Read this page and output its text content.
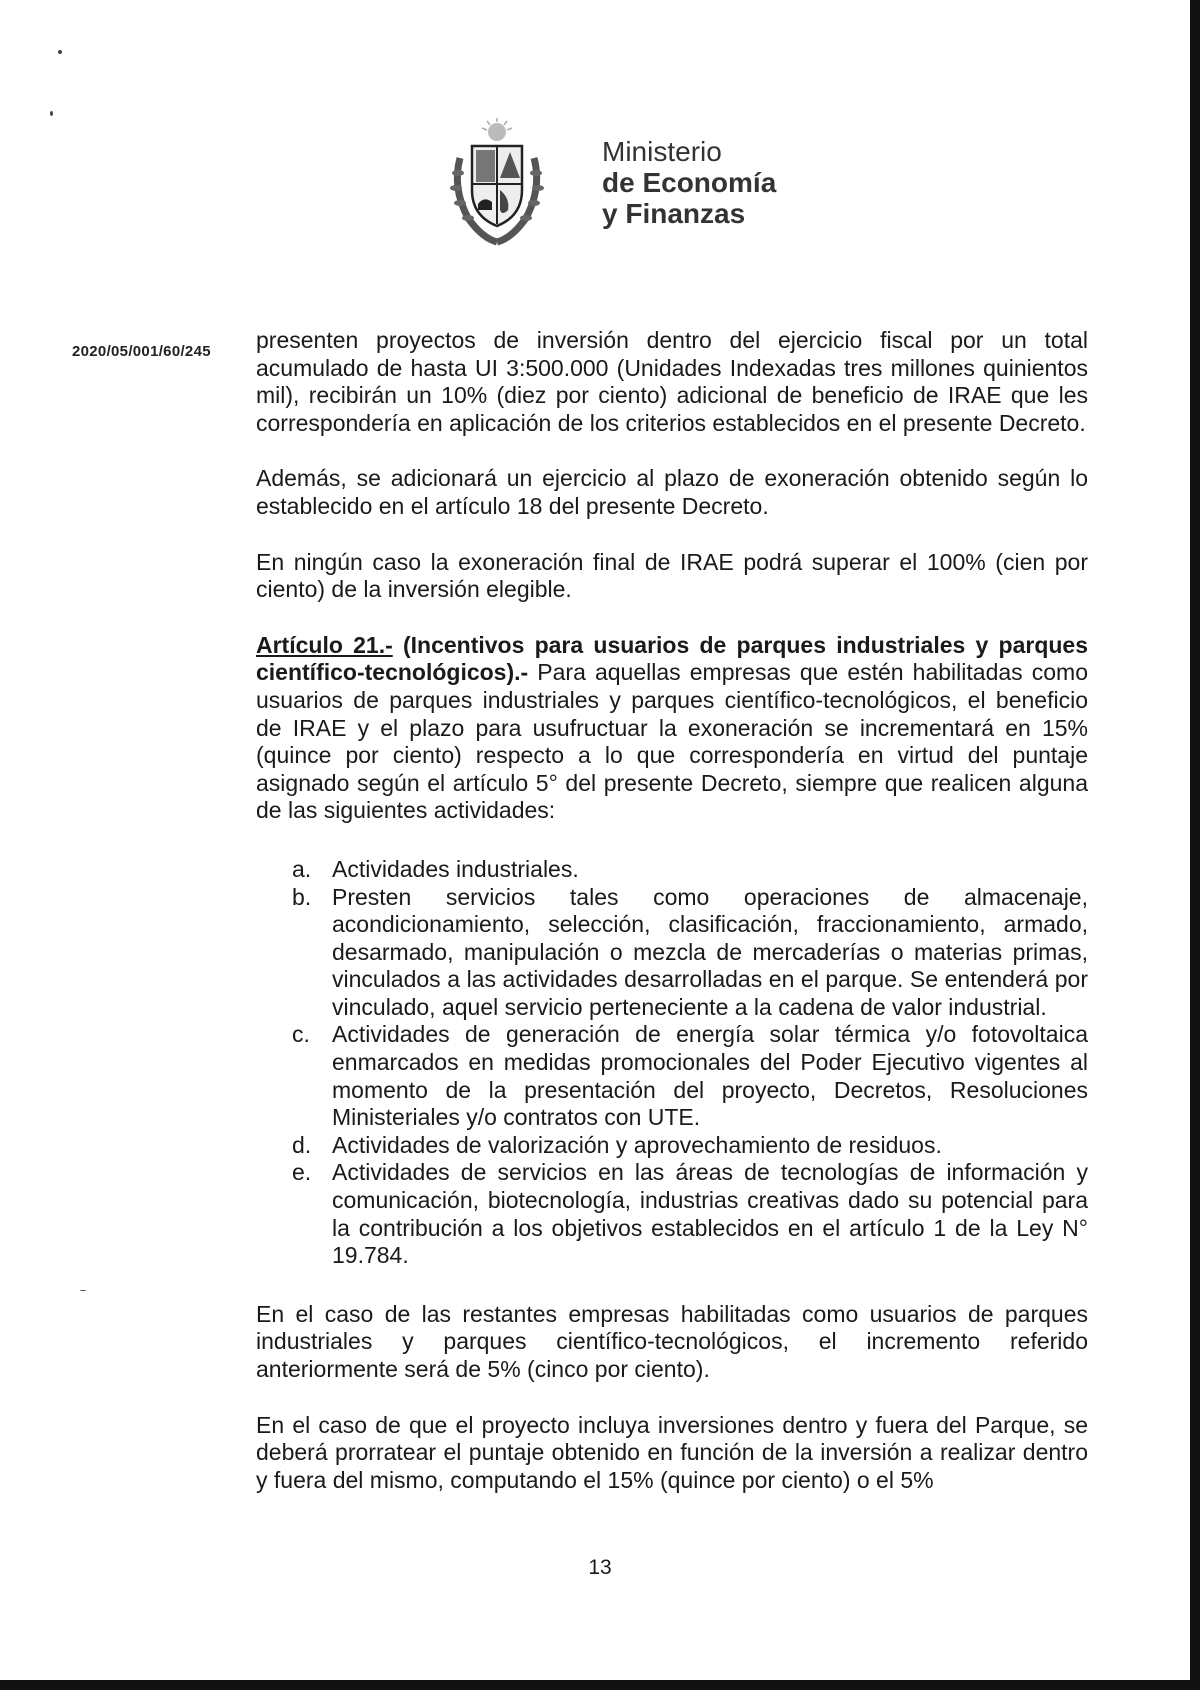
Ministerio
de Economía
y Finanzas
2020/05/001/60/245 presenten proyectos de inversión dentro del ejercicio fiscal por un total acumulado de hasta UI 3:500.000 (Unidades Indexadas tres millones quinientos mil), recibirán un 10% (diez por ciento) adicional de beneficio de IRAE que les correspondería en aplicación de los criterios establecidos en el presente Decreto.

Además, se adicionará un ejercicio al plazo de exoneración obtenido según lo establecido en el artículo 18 del presente Decreto.

En ningún caso la exoneración final de IRAE podrá superar el 100% (cien por ciento) de la inversión elegible.

Artículo 21.- (Incentivos para usuarios de parques industriales y parques científico-tecnológicos).- Para aquellas empresas que estén habilitadas como usuarios de parques industriales y parques científico-tecnológicos, el beneficio de IRAE y el plazo para usufructuar la exoneración se incrementará en 15% (quince por ciento) respecto a lo que correspondería en virtud del puntaje asignado según el artículo 5° del presente Decreto, siempre que realicen alguna de las siguientes actividades:

a. Actividades industriales.
b. Presten servicios tales como operaciones de almacenaje, acondicionamiento, selección, clasificación, fraccionamiento, armado, desarmado, manipulación o mezcla de mercaderías o materias primas, vinculados a las actividades desarrolladas en el parque. Se entenderá por vinculado, aquel servicio perteneciente a la cadena de valor industrial.
c. Actividades de generación de energía solar térmica y/o fotovoltaica enmarcados en medidas promocionales del Poder Ejecutivo vigentes al momento de la presentación del proyecto, Decretos, Resoluciones Ministeriales y/o contratos con UTE.
d. Actividades de valorización y aprovechamiento de residuos.
e. Actividades de servicios en las áreas de tecnologías de información y comunicación, biotecnología, industrias creativas dado su potencial para la contribución a los objetivos establecidos en el artículo 1 de la Ley N° 19.784.

En el caso de las restantes empresas habilitadas como usuarios de parques industriales y parques científico-tecnológicos, el incremento referido anteriormente será de 5% (cinco por ciento).

En el caso de que el proyecto incluya inversiones dentro y fuera del Parque, se deberá prorratear el puntaje obtenido en función de la inversión a realizar dentro y fuera del mismo, computando el 15% (quince por ciento) o el 5%

13
